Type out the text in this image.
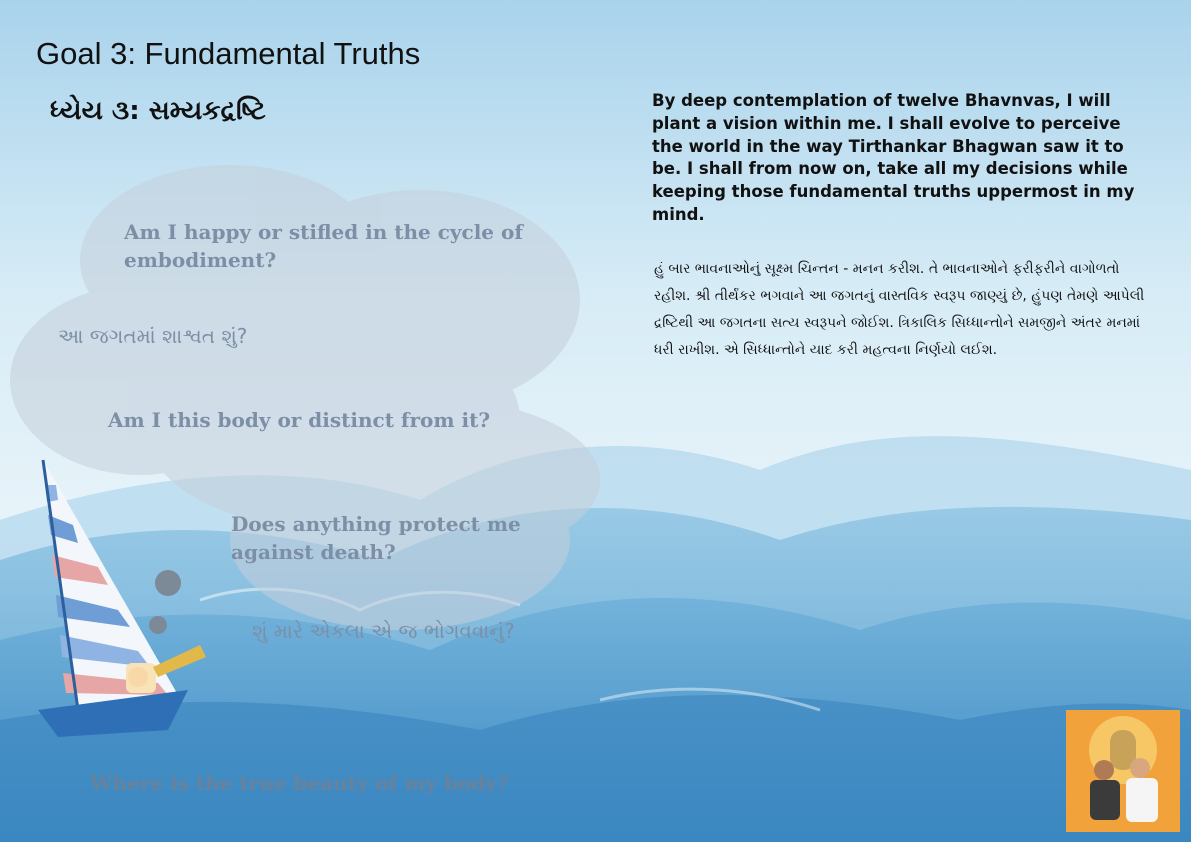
Goal 3: Fundamental Truths
ધ્યેય ૩: સમ્યકદ્રષ્ટિ	By deep contemplation of twelve Bhavnvas, I will plant a vision within me. I shall evolve to perceive the world in the way Tirthankar Bhagwan saw it to be. I shall from now on, take all my decisions while keeping those fundamental truths uppermost in my mind.

હું બાર ભાવનાઓનું સૂક્ષ્મ ચિન્તન - મનન કરીશ. તે ભાવનાઓને ફરીફરીને વાગોળતો રહીશ. શ્રી તીર્થંકર ભગવાને આ જગતનું વાસ્તવિક સ્વરૂપ જાણ્યું છે, હુંપણ તેમણે આપેલી દ્રષ્ટિથી આ જગતના સત્ય સ્વરૂપને જોઈશ. ત્રિકાલિક સિધ્ધાન્તોને સમજીને અંતર મનમાં ધરી રાખીશ. એ સિધ્ધાન્તોને યાદ કરી મહત્વના નિર્ણયો લઈશ.

Am I happy or stifled in the cycle of embodiment?

આ જગતમાં શાશ્વત શું?

Am I this body or distinct from it?

Does anything protect me against death?

શું મારે એકલા એ જ ભોગવવાનું?

Where is the true beauty of my body?
